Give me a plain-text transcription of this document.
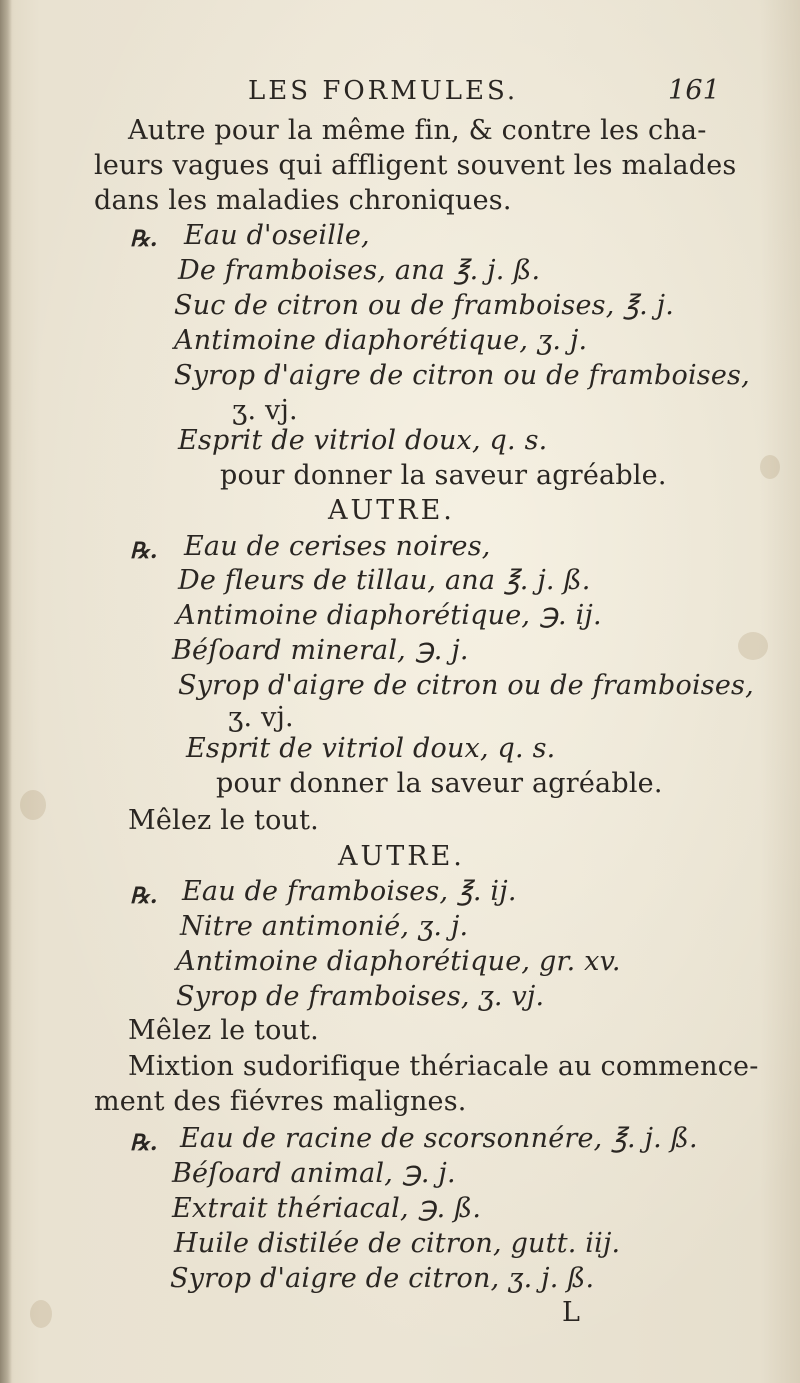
LES FORMULES.	161
Autre pour la même fin, & contre les cha-
leurs vagues qui affligent souvent les malades
dans les maladies chroniques.
℞. Eau d'oseille,
De framboises, ana ℥. j. ß.
Suc de citron ou de framboises, ℥. j.
Antimoine diaphorétique, ʒ. j.
Syrop d'aigre de citron ou de framboises,
ʒ. vj.
Esprit de vitriol doux, q. s.
pour donner la saveur agréable.
AUTRE.
℞. Eau de cerises noires,
De fleurs de tillau, ana ℥. j. ß.
Antimoine diaphorétique, ℈. ij.
Béſoard mineral, ℈. j.
Syrop d'aigre de citron ou de framboises,
ʒ. vj.
Esprit de vitriol doux, q. s.
pour donner la saveur agréable.
Mêlez le tout.
AUTRE.
℞. Eau de framboises, ℥. ij.
Nitre antimonié, ʒ. j.
Antimoine diaphorétique, gr. xv.
Syrop de framboises, ʒ. vj.
Mêlez le tout.
Mixtion sudorifique thériacale au commence-
ment des fiévres malignes.
℞. Eau de racine de scorsonnére, ℥. j. ß.
Béſoard animal, ℈. j.
Extrait thériacal, ℈. ß.
Huile distilée de citron, gutt. iij.
Syrop d'aigre de citron, ʒ. j. ß.
L
